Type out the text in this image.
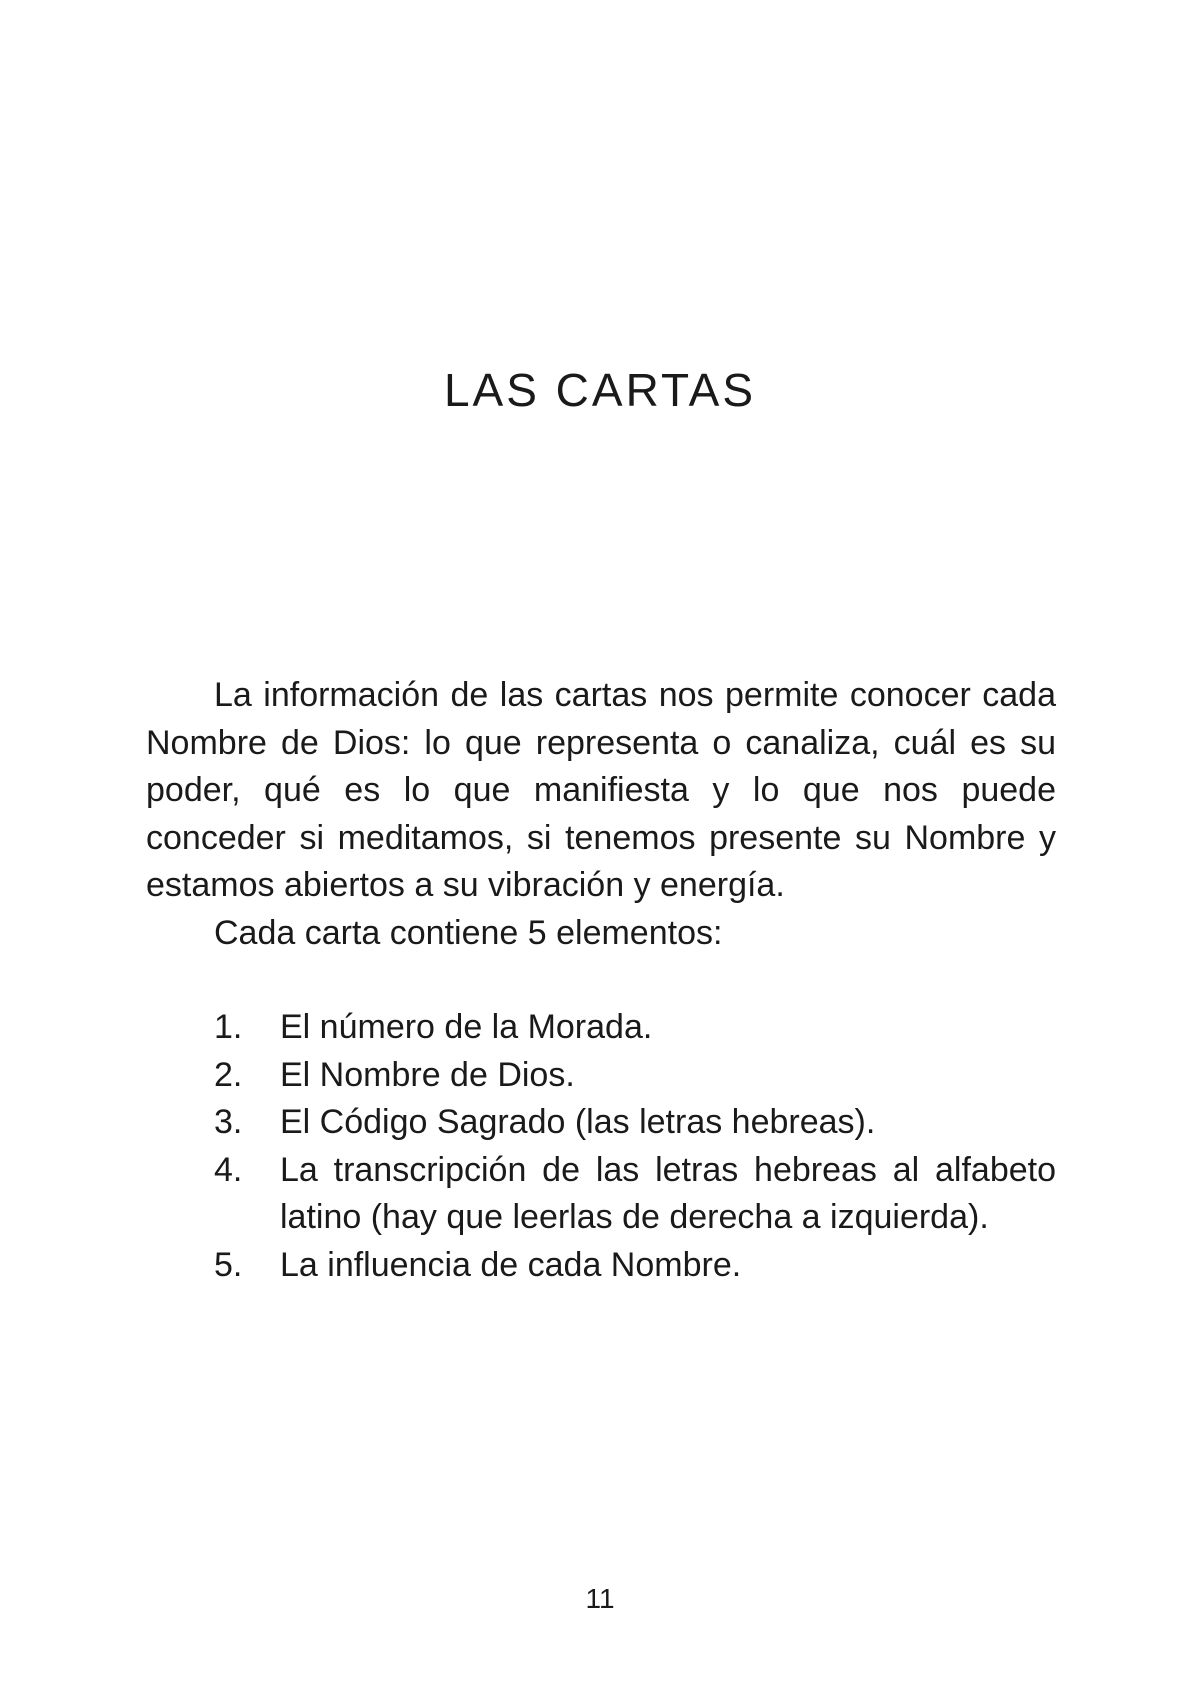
LAS CARTAS

La información de las cartas nos permite conocer cada Nombre de Dios: lo que representa o canaliza, cuál es su poder, qué es lo que manifiesta y lo que nos puede conceder si meditamos, si tenemos presente su Nombre y estamos abiertos a su vibración y energía.

Cada carta contiene 5 elementos:

1.	El número de la Morada.
2.	El Nombre de Dios.
3.	El Código Sagrado (las letras hebreas).
4.	La transcripción de las letras hebreas al alfabeto latino (hay que leerlas de derecha a izquierda).
5.	La influencia de cada Nombre.
11
